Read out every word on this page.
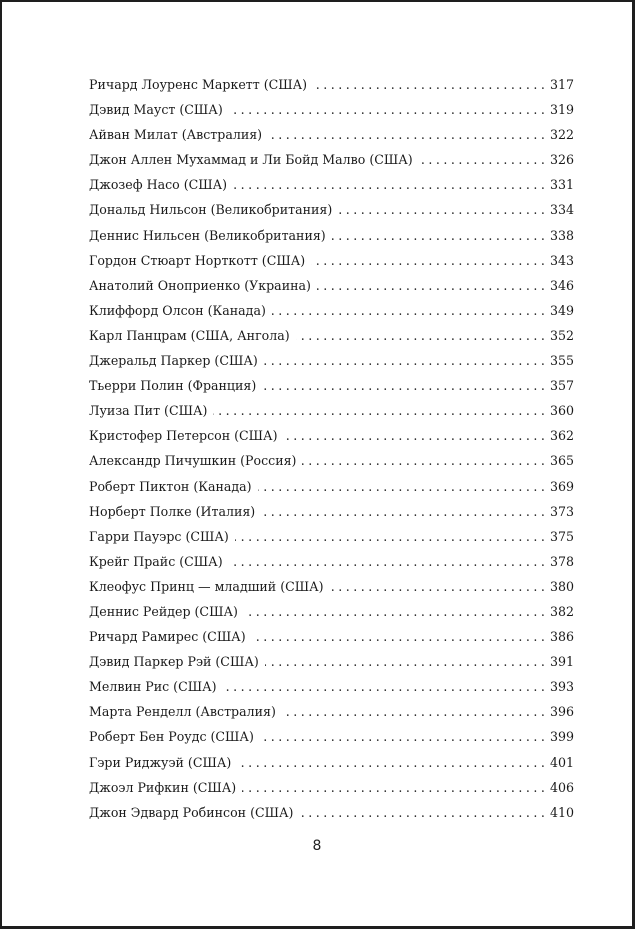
Ричард Лоуренс Маркетт (США) . . .	317
Дэвид Мауст (США) . . .	319
Айван Милат (Австралия) . . .	322
Джон Аллен Мухаммад и Ли Бойд Малво (США) . . .	326
Джозеф Насо (США) . . .	331
Дональд Нильсон (Великобритания) . . .	334
Деннис Нильсен (Великобритания) . . .	338
Гордон Стюарт Норткотт (США) . . .	343
Анатолий Оноприенко (Украина) . . .	346
Клиффорд Олсон (Канада) . . .	349
Карл Панцрам (США, Ангола) . . .	352
Джеральд Паркер (США) . . .	355
Тьерри Полин (Франция) . . .	357
Луиза Пит (США) . . .	360
Кристофер Петерсон (США) . . .	362
Александр Пичушкин (Россия) . . .	365
Роберт Пиктон (Канада) . . .	369
Норберт Полке (Италия) . . .	373
Гарри Пауэрс (США) . . .	375
Крейг Прайс (США) . . .	378
Клеофус Принц — младший (США) . . .	380
Деннис Рейдер (США) . . .	382
Ричард Рамирес (США) . . .	386
Дэвид Паркер Рэй (США) . . .	391
Мелвин Рис (США) . . .	393
Марта Ренделл (Австралия) . . .	396
Роберт Бен Роудс (США) . . .	399
Гэри Риджуэй (США) . . .	401
Джоэл Рифкин (США) . . .	406
Джон Эдвард Робинсон (США) . . .	410
8
